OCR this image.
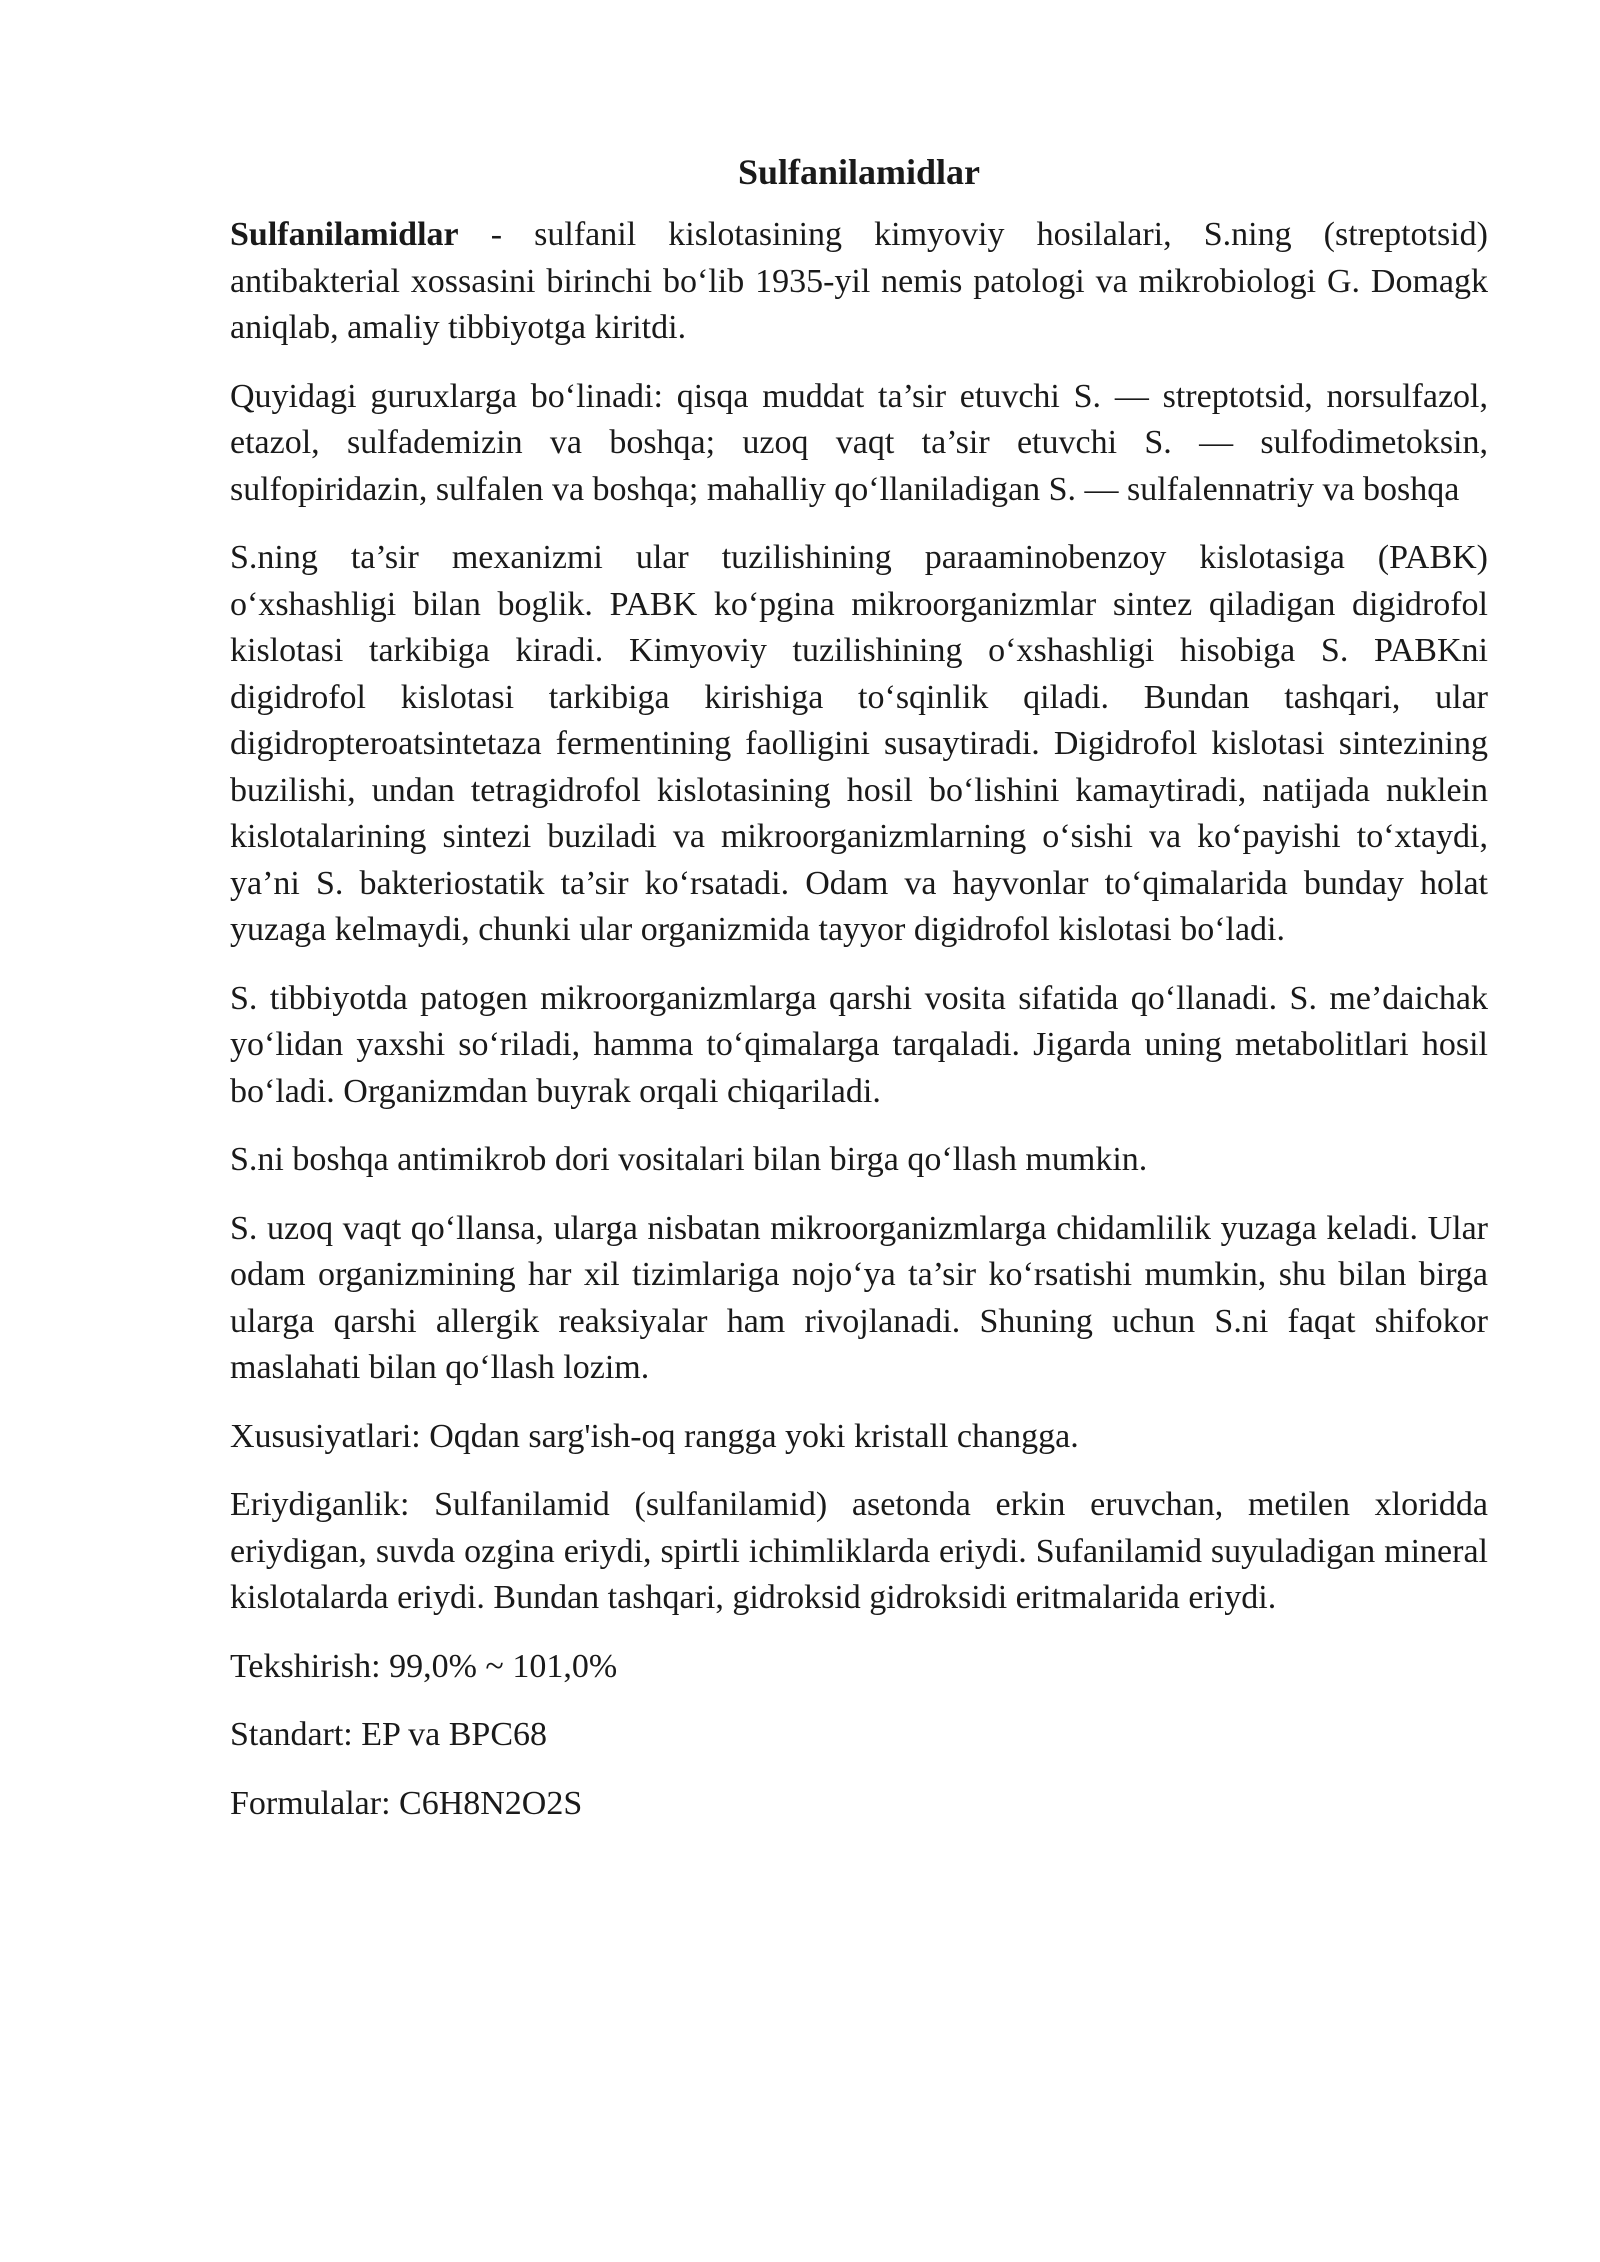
Sulfanilamidlar

Sulfanilamidlar - sulfanil kislotasining kimyoviy hosilalari, S.ning (streptotsid) antibakterial xossasini birinchi bo‘lib 1935-yil nemis patologi va mikrobiologi G. Domagk aniqlab, amaliy tibbiyotga kiritdi.

Quyidagi guruxlarga bo‘linadi: qisqa muddat ta’sir etuvchi S. — streptotsid, norsulfazol, etazol, sulfademizin va boshqa; uzoq vaqt ta’sir etuvchi S. — sulfodimetoksin, sulfopiridazin, sulfalen va boshqa; mahalliy qo‘llaniladigan S. — sulfalennatriy va boshqa

S.ning ta’sir mexanizmi ular tuzilishining paraaminobenzoy kislotasiga (PABK) o‘xshashligi bilan boglik. PABK ko‘pgina mikroorganizmlar sintez qiladigan digidrofol kislotasi tarkibiga kiradi. Kimyoviy tuzilishining o‘xshashligi hisobiga S. PABKni digidrofol kislotasi tarkibiga kirishiga to‘sqinlik qiladi. Bundan tashqari, ular digidropteroatsintetaza fermentining faolligini susaytiradi. Digidrofol kislotasi sintezining buzilishi, undan tetragidrofol kislotasining hosil bo‘lishini kamaytiradi, natijada nuklein kislotalarining sintezi buziladi va mikroorganizmlarning o‘sishi va ko‘payishi to‘xtaydi, ya’ni S. bakteriostatik ta’sir ko‘rsatadi. Odam va hayvonlar to‘qimalarida bunday holat yuzaga kelmaydi, chunki ular organizmida tayyor digidrofol kislotasi bo‘ladi.

S. tibbiyotda patogen mikroorganizmlarga qarshi vosita sifatida qo‘llanadi. S. me’daichak yo‘lidan yaxshi so‘riladi, hamma to‘qimalarga tarqaladi. Jigarda uning metabolitlari hosil bo‘ladi. Organizmdan buyrak orqali chiqariladi.

S.ni boshqa antimikrob dori vositalari bilan birga qo‘llash mumkin.

S. uzoq vaqt qo‘llansa, ularga nisbatan mikroorganizmlarga chidamlilik yuzaga keladi. Ular odam organizmining har xil tizimlariga nojo‘ya ta’sir ko‘rsatishi mumkin, shu bilan birga ularga qarshi allergik reaksiyalar ham rivojlanadi. Shuning uchun S.ni faqat shifokor maslahati bilan qo‘llash lozim.

Xususiyatlari: Oqdan sarg'ish-oq rangga yoki kristall changga.

Eriydiganlik: Sulfanilamid (sulfanilamid) asetonda erkin eruvchan, metilen xloridda eriydigan, suvda ozgina eriydi, spirtli ichimliklarda eriydi. Sufanilamid suyuladigan mineral kislotalarda eriydi. Bundan tashqari, gidroksid gidroksidi eritmalarida eriydi.

Tekshirish: 99,0% ~ 101,0%

Standart: EP va BPC68

Formulalar: C6H8N2O2S
